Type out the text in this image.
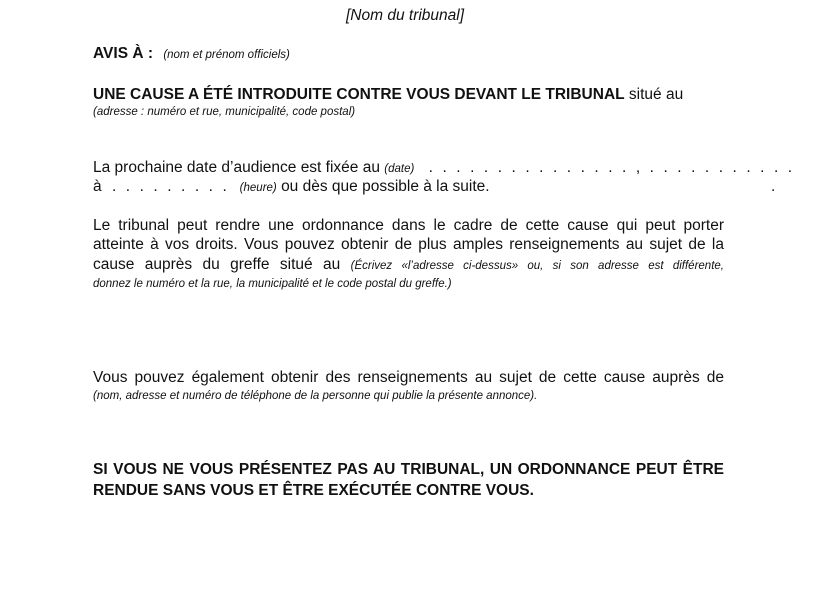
[Nom du tribunal]
AVIS À : (nom et prénom officiels)
UNE CAUSE A ÉTÉ INTRODUITE CONTRE VOUS DEVANT LE TRIBUNAL situé au
(adresse : numéro et rue, municipalité, code postal)
La prochaine date d’audience est fixée au (date) . . . . . . . . . . . . . . . , . . . . . . . . . . .
à . . . . . . . . . (heure) ou dès que possible à la suite.	.
Le tribunal peut rendre une ordonnance dans le cadre de cette cause qui peut porter
atteinte à vos droits. Vous pouvez obtenir de plus amples renseignements au sujet de la
cause auprès du greffe situé au (Écrivez «l’adresse ci-dessus» ou, si son adresse est différente,
donnez le numéro et la rue, la municipalité et le code postal du greffe.)
Vous pouvez également obtenir des renseignements au sujet de cette cause auprès de
(nom, adresse et numéro de téléphone de la personne qui publie la présente annonce).
SI VOUS NE VOUS PRÉSENTEZ PAS AU TRIBUNAL, UN ORDONNANCE PEUT ÊTRE
RENDUE SANS VOUS ET ÊTRE EXÉCUTÉE CONTRE VOUS.
